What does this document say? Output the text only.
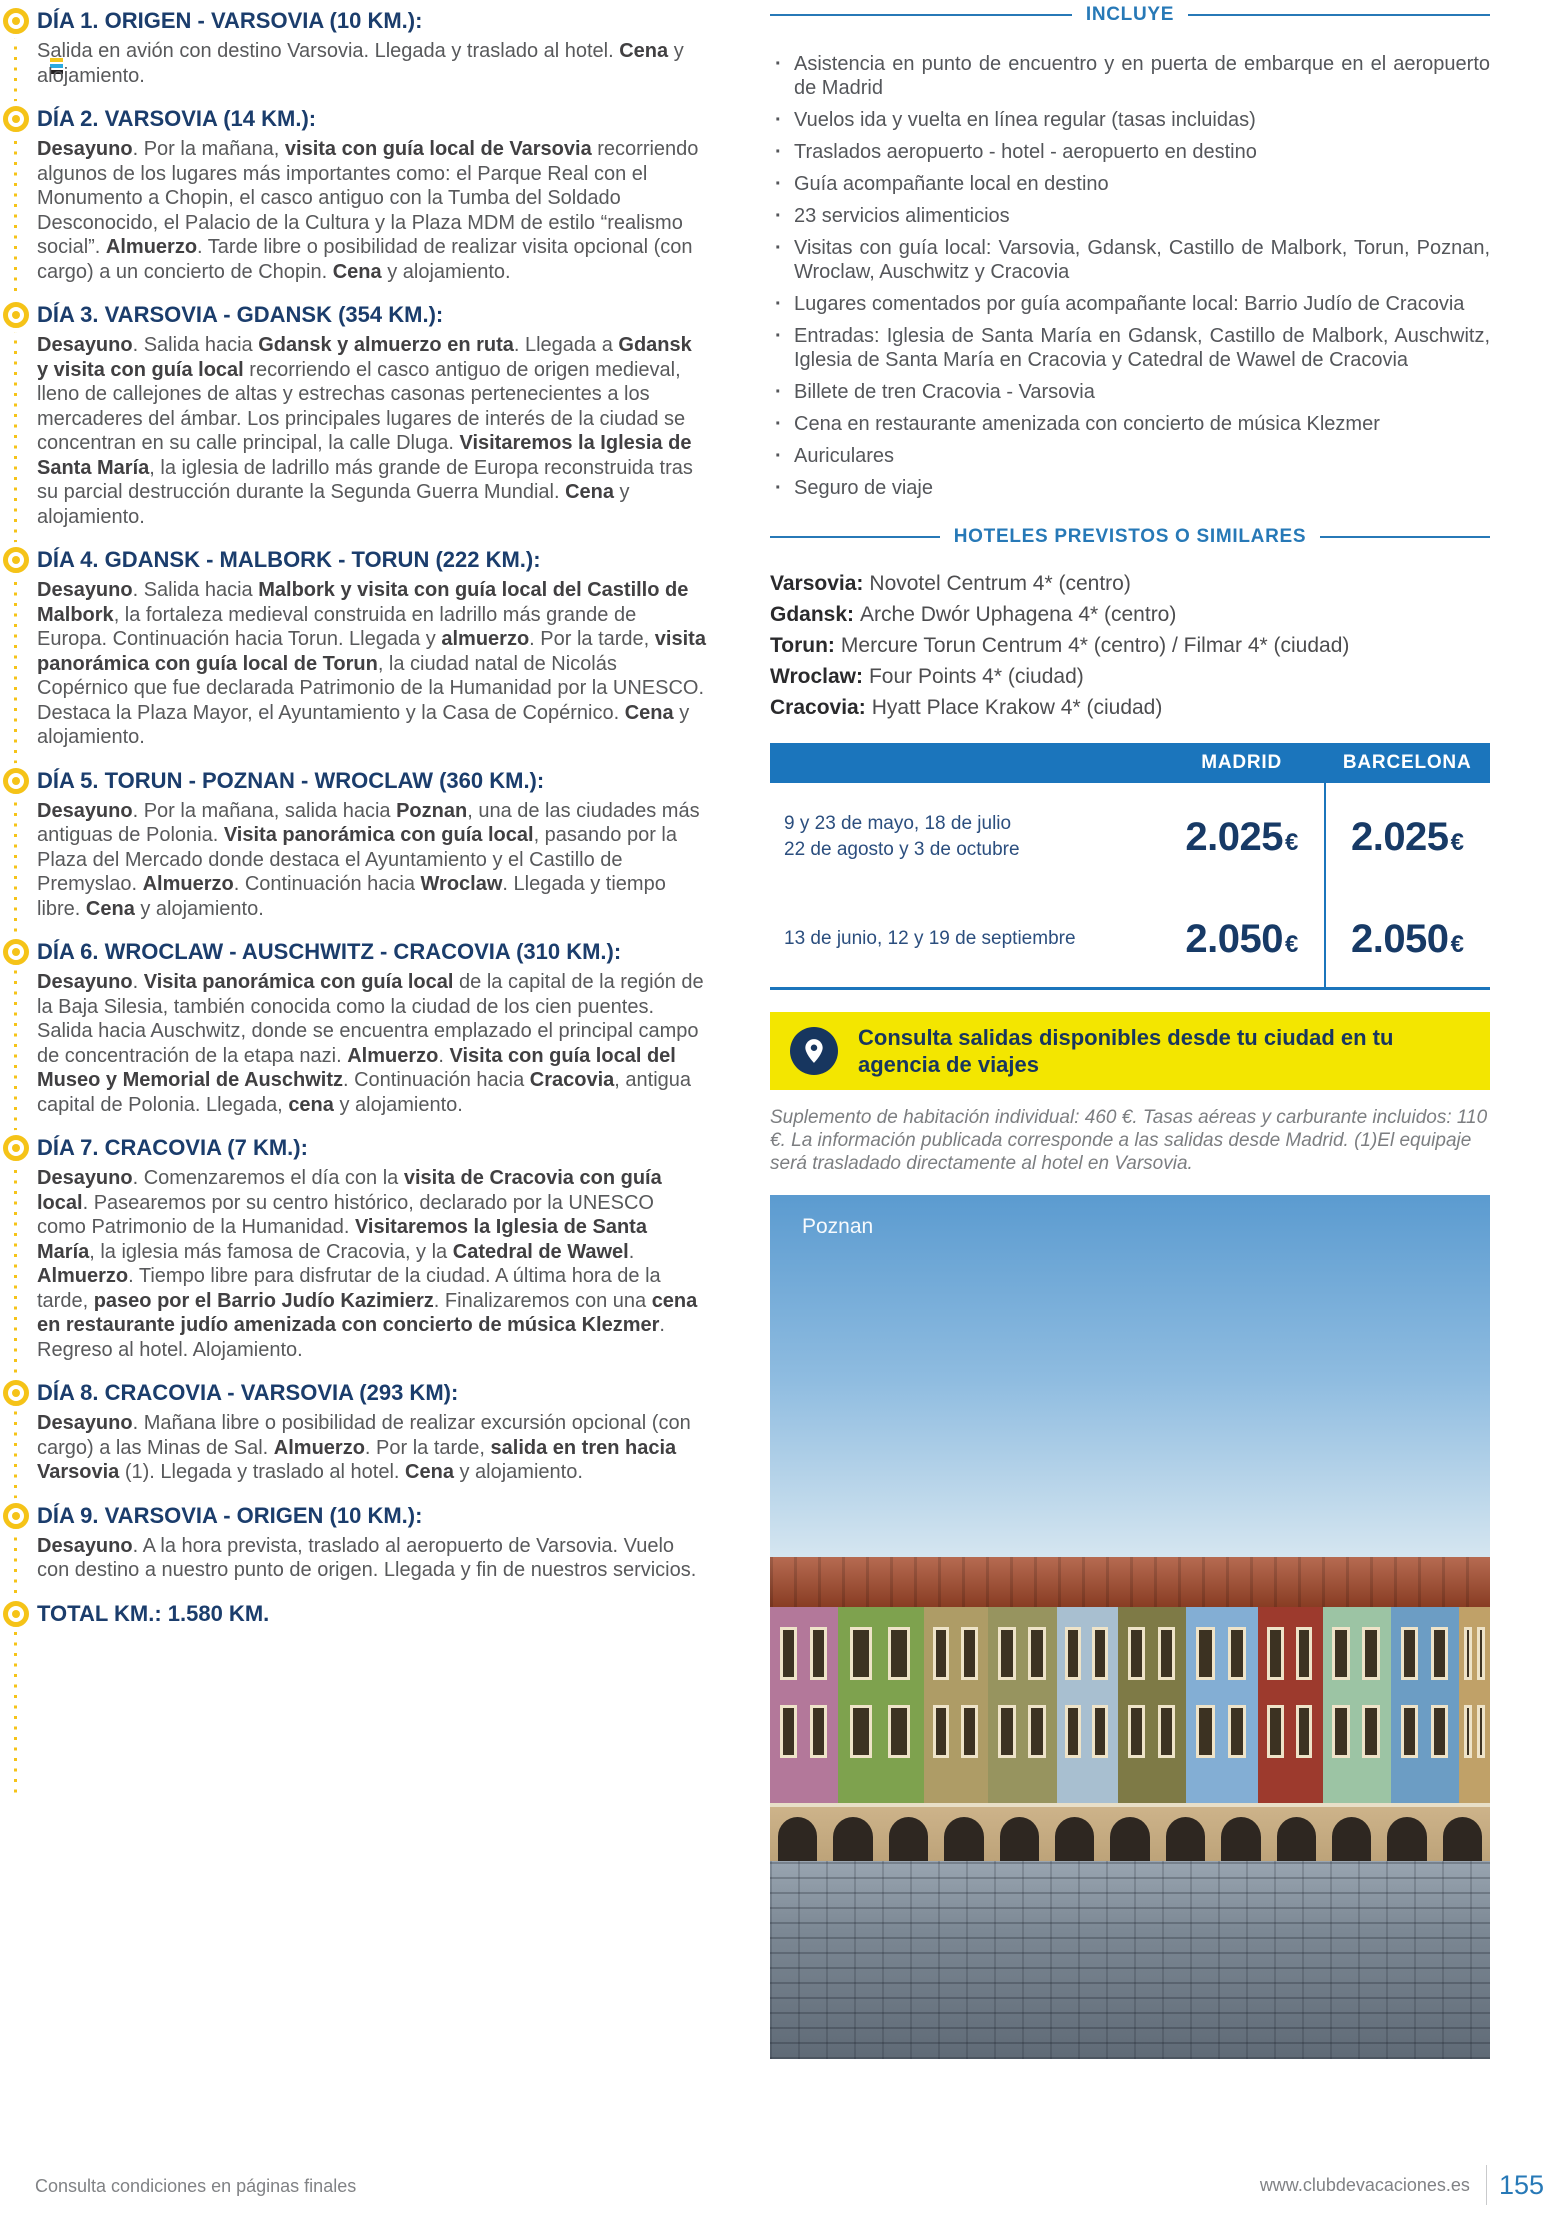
DÍA 1. ORIGEN - VARSOVIA (10 KM.):

Salida en avión con destino Varsovia. Llegada y traslado al hotel. Cena y alojamiento.

DÍA 2. VARSOVIA (14 KM.):

Desayuno. Por la mañana, visita con guía local de Varsovia recorriendo algunos de los lugares más importantes como: el Parque Real con el Monumento a Chopin, el casco antiguo con la Tumba del Soldado Desconocido, el Palacio de la Cultura y la Plaza MDM de estilo “realismo social”. Almuerzo. Tarde libre o posibilidad de realizar visita opcional (con cargo) a un concierto de Chopin. Cena y alojamiento.

DÍA 3. VARSOVIA - GDANSK (354 KM.):

Desayuno. Salida hacia Gdansk y almuerzo en ruta. Llegada a Gdansk y visita con guía local recorriendo el casco antiguo de origen medieval, lleno de callejones de altas y estrechas casonas pertenecientes a los mercaderes del ámbar. Los principales lugares de interés de la ciudad se concentran en su calle principal, la calle Dluga. Visitaremos la Iglesia de Santa María, la iglesia de ladrillo más grande de Europa reconstruida tras su parcial destrucción durante la Segunda Guerra Mundial. Cena y alojamiento.

DÍA 4. GDANSK - MALBORK - TORUN (222 KM.):

Desayuno. Salida hacia Malbork y visita con guía local del Castillo de Malbork, la fortaleza medieval construida en ladrillo más grande de Europa. Continuación hacia Torun. Llegada y almuerzo. Por la tarde, visita panorámica con guía local de Torun, la ciudad natal de Nicolás Copérnico que fue declarada Patrimonio de la Humanidad por la UNESCO. Destaca la Plaza Mayor, el Ayuntamiento y la Casa de Copérnico. Cena y alojamiento.

DÍA 5. TORUN - POZNAN - WROCLAW (360 KM.):

Desayuno. Por la mañana, salida hacia Poznan, una de las ciudades más antiguas de Polonia. Visita panorámica con guía local, pasando por la Plaza del Mercado donde destaca el Ayuntamiento y el Castillo de Premyslao. Almuerzo. Continuación hacia Wroclaw. Llegada y tiempo libre. Cena y alojamiento.

DÍA 6. WROCLAW - AUSCHWITZ - CRACOVIA (310 KM.):

Desayuno. Visita panorámica con guía local de la capital de la región de la Baja Silesia, también conocida como la ciudad de los cien puentes. Salida hacia Auschwitz, donde se encuentra emplazado el principal campo de concentración de la etapa nazi. Almuerzo. Visita con guía local del Museo y Memorial de Auschwitz. Continuación hacia Cracovia, antigua capital de Polonia. Llegada, cena y alojamiento.

DÍA 7. CRACOVIA (7 KM.):

Desayuno. Comenzaremos el día con la visita de Cracovia con guía local. Pasearemos por su centro histórico, declarado por la UNESCO como Patrimonio de la Humanidad. Visitaremos la Iglesia de Santa María, la iglesia más famosa de Cracovia, y la Catedral de Wawel. Almuerzo. Tiempo libre para disfrutar de la ciudad. A última hora de la tarde, paseo por el Barrio Judío Kazimierz. Finalizaremos con una cena en restaurante judío amenizada con concierto de música Klezmer. Regreso al hotel. Alojamiento.

DÍA 8. CRACOVIA - VARSOVIA (293 KM):

Desayuno. Mañana libre o posibilidad de realizar excursión opcional (con cargo) a las Minas de Sal. Almuerzo. Por la tarde, salida en tren hacia Varsovia (1). Llegada y traslado al hotel. Cena y alojamiento.

DÍA 9. VARSOVIA - ORIGEN (10 KM.):

Desayuno. A la hora prevista, traslado al aeropuerto de Varsovia. Vuelo con destino a nuestro punto de origen. Llegada y fin de nuestros servicios.

TOTAL KM.: 1.580 KM.
INCLUYE
· Asistencia en punto de encuentro y en puerta de embarque en el aeropuerto de Madrid
· Vuelos ida y vuelta en línea regular (tasas incluidas)
· Traslados aeropuerto - hotel - aeropuerto en destino
· Guía acompañante local en destino
· 23 servicios alimenticios
· Visitas con guía local: Varsovia, Gdansk, Castillo de Malbork, Torun, Poznan, Wroclaw, Auschwitz y Cracovia
· Lugares comentados por guía acompañante local: Barrio Judío de Cracovia
· Entradas: Iglesia de Santa María en Gdansk, Castillo de Malbork, Auschwitz, Iglesia de Santa María en Cracovia y Catedral de Wawel de Cracovia
· Billete de tren Cracovia - Varsovia
· Cena en restaurante amenizada con concierto de música Klezmer
· Auriculares
· Seguro de viaje
HOTELES PREVISTOS O SIMILARES
Varsovia: Novotel Centrum 4* (centro)
Gdansk: Arche Dwór Uphagena 4* (centro)
Torun: Mercure Torun Centrum 4* (centro) / Filmar 4* (ciudad)
Wroclaw: Four Points 4* (ciudad)
Cracovia: Hyatt Place Krakow 4* (ciudad)
MADRID	BARCELONA
9 y 23 de mayo, 18 de julio
22 de agosto y 3 de octubre	2.025€	2.025€
13 de junio, 12 y 19 de septiembre	2.050€	2.050€
Consulta salidas disponibles desde tu ciudad en tu agencia de viajes

Suplemento de habitación individual: 460 €. Tasas aéreas y carburante incluidos: 110 €. La información publicada corresponde a las salidas desde Madrid. (1)El equipaje será trasladado directamente al hotel en Varsovia.

Poznan
Consulta condiciones en páginas finales	www.clubdevacaciones.es 155
